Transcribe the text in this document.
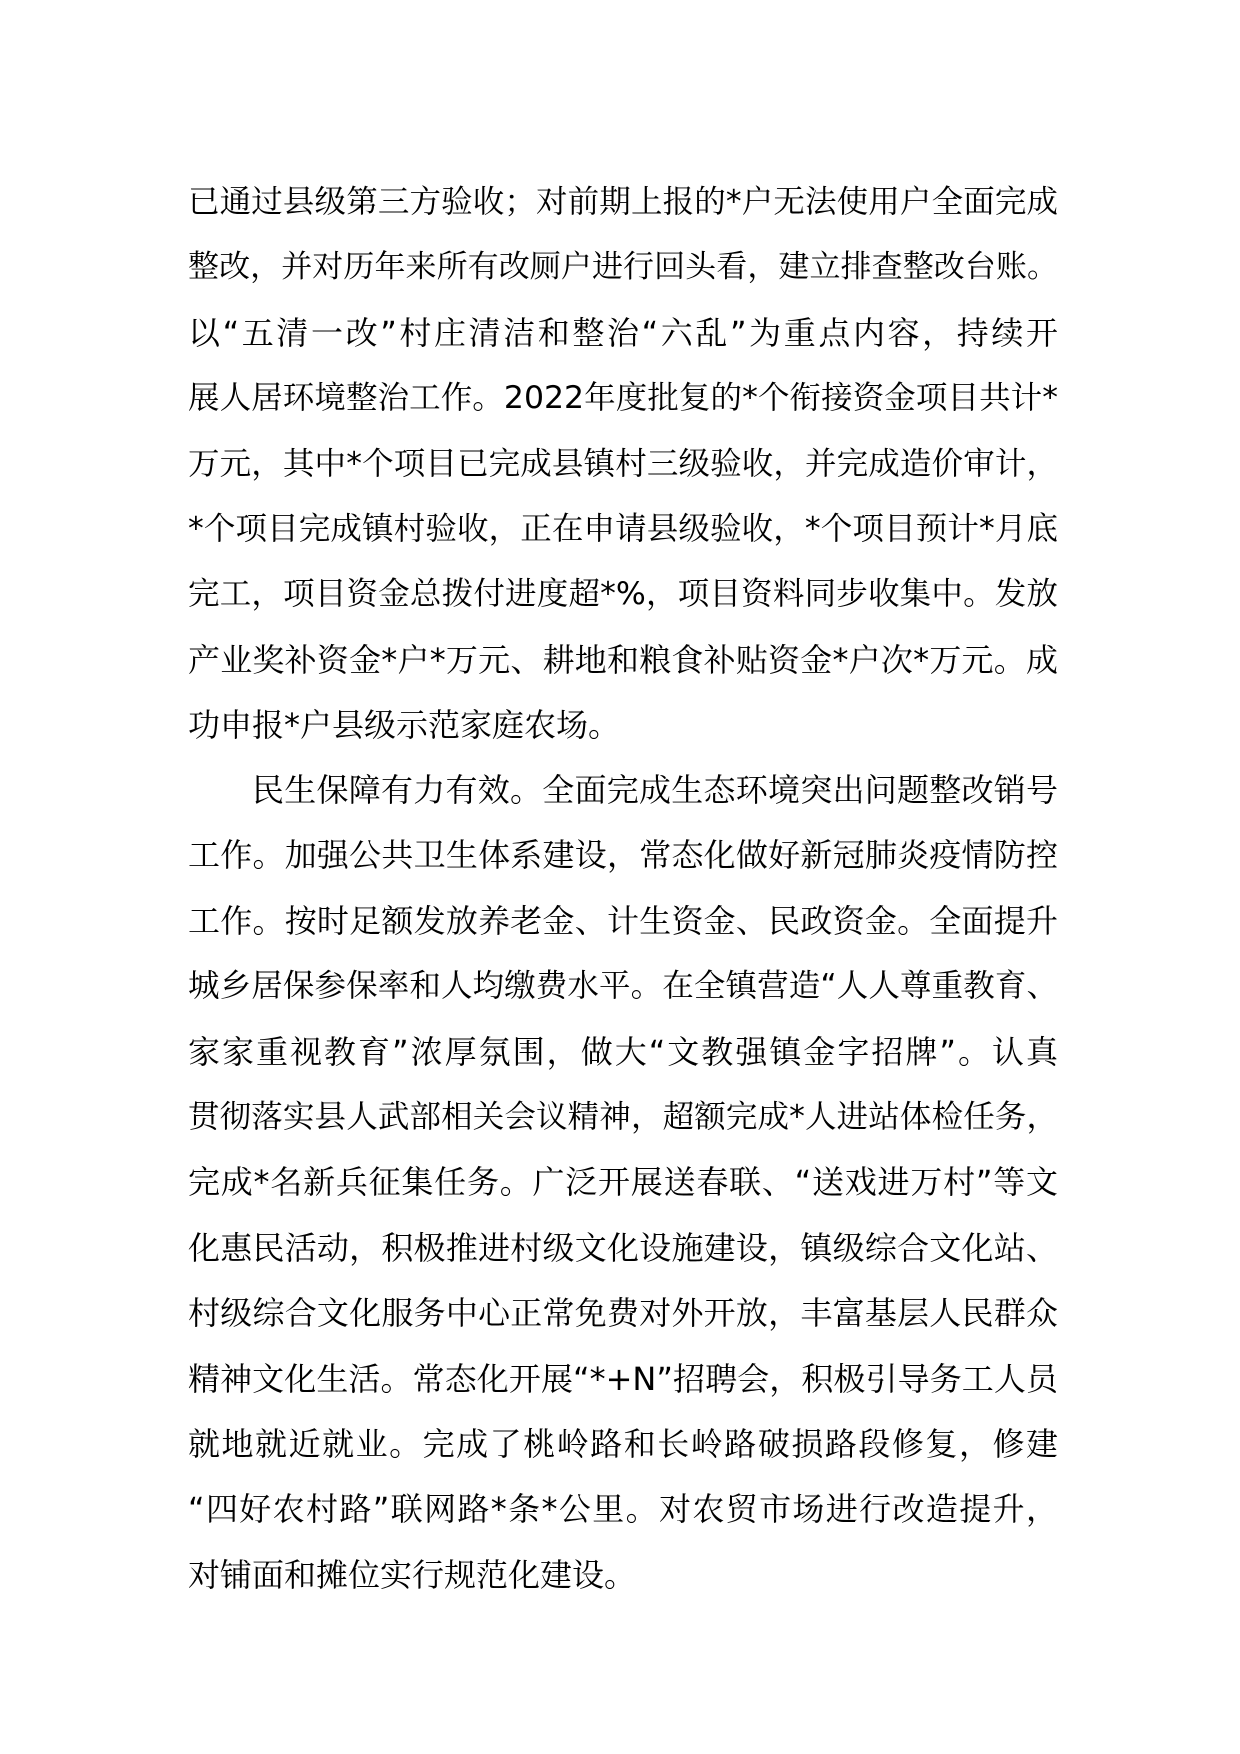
已通过县级第三方验收；对前期上报的*户无法使用户全面完成
整改，并对历年来所有改厕户进行回头看，建立排查整改台账。
以“五清一改”村庄清洁和整治“六乱”为重点内容，持续开
展人居环境整治工作。2022年度批复的*个衔接资金项目共计*
万元，其中*个项目已完成县镇村三级验收，并完成造价审计，
*个项目完成镇村验收，正在申请县级验收，*个项目预计*月底
完工，项目资金总拨付进度超*%，项目资料同步收集中。发放
产业奖补资金*户*万元、耕地和粮食补贴资金*户次*万元。成
功申报*户县级示范家庭农场。
民生保障有力有效。全面完成生态环境突出问题整改销号
工作。加强公共卫生体系建设，常态化做好新冠肺炎疫情防控
工作。按时足额发放养老金、计生资金、民政资金。全面提升
城乡居保参保率和人均缴费水平。在全镇营造“人人尊重教育、
家家重视教育”浓厚氛围，做大“文教强镇金字招牌”。认真
贯彻落实县人武部相关会议精神，超额完成*人进站体检任务，
完成*名新兵征集任务。广泛开展送春联、“送戏进万村”等文
化惠民活动，积极推进村级文化设施建设，镇级综合文化站、
村级综合文化服务中心正常免费对外开放，丰富基层人民群众
精神文化生活。常态化开展“*+N”招聘会，积极引导务工人员
就地就近就业。完成了桃岭路和长岭路破损路段修复，修建
“四好农村路”联网路*条*公里。对农贸市场进行改造提升，
对铺面和摊位实行规范化建设。
